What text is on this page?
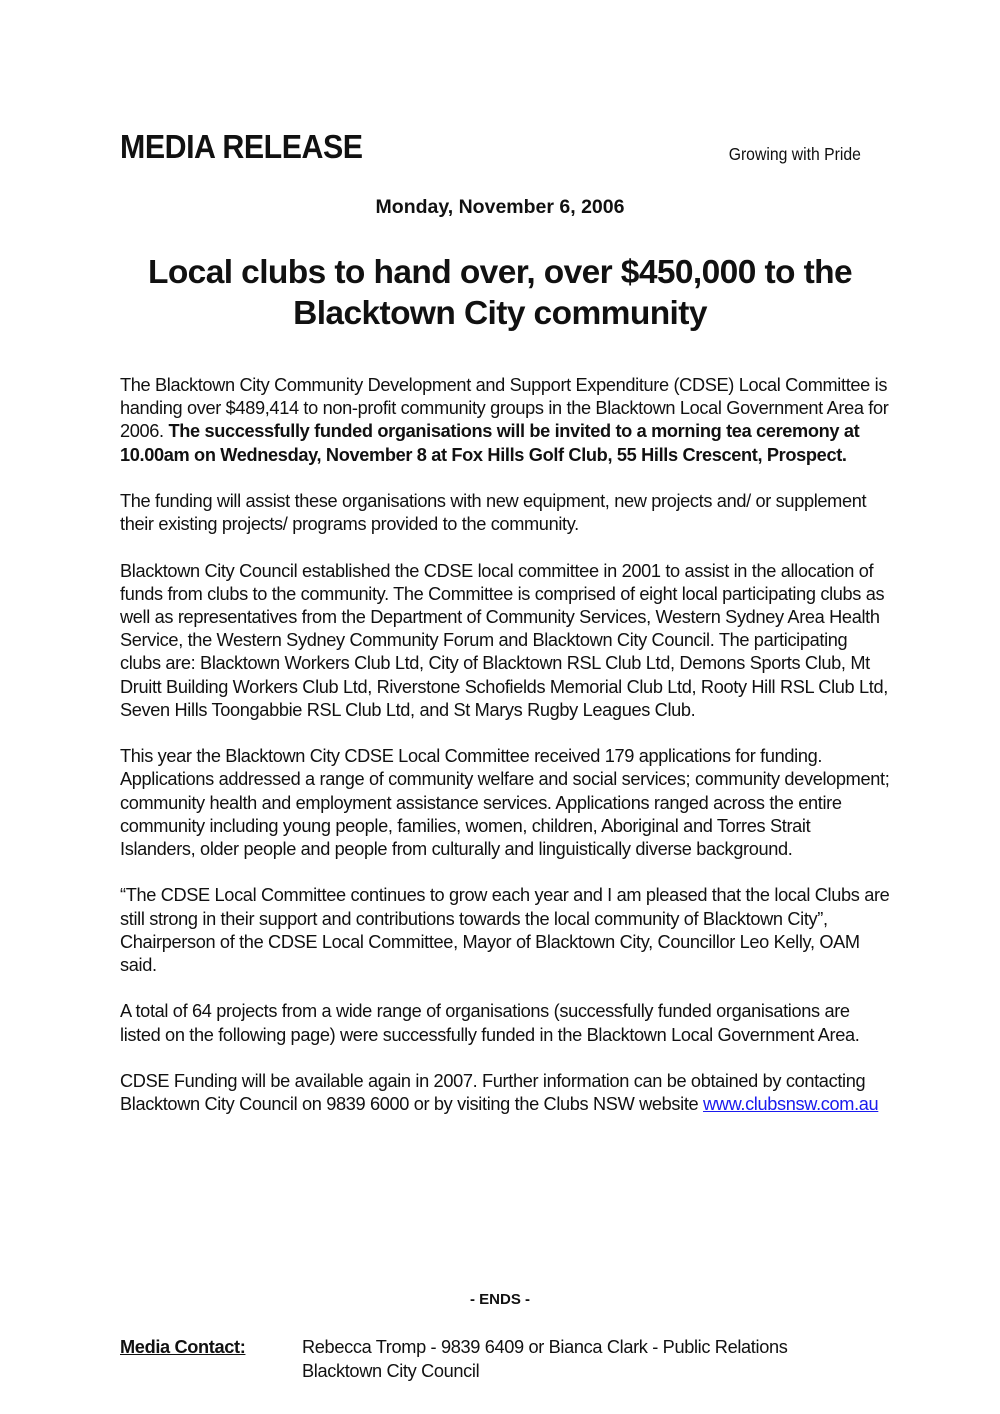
MEDIA RELEASE	Growing with Pride
Monday, November 6, 2006
Local clubs to hand over, over $450,000 to the Blacktown City community

The Blacktown City Community Development and Support Expenditure (CDSE) Local Committee is handing over $489,414 to non-profit community groups in the Blacktown Local Government Area for 2006. The successfully funded organisations will be invited to a morning tea ceremony at 10.00am on Wednesday, November 8 at Fox Hills Golf Club, 55 Hills Crescent, Prospect.

The funding will assist these organisations with new equipment, new projects and/ or supplement their existing projects/ programs provided to the community.

Blacktown City Council established the CDSE local committee in 2001 to assist in the allocation of funds from clubs to the community. The Committee is comprised of eight local participating clubs as well as representatives from the Department of Community Services, Western Sydney Area Health Service, the Western Sydney Community Forum and Blacktown City Council. The participating clubs are: Blacktown Workers Club Ltd, City of Blacktown RSL Club Ltd, Demons Sports Club, Mt Druitt Building Workers Club Ltd, Riverstone Schofields Memorial Club Ltd, Rooty Hill RSL Club Ltd, Seven Hills Toongabbie RSL Club Ltd, and St Marys Rugby Leagues Club.

This year the Blacktown City CDSE Local Committee received 179 applications for funding. Applications addressed a range of community welfare and social services; community development; community health and employment assistance services. Applications ranged across the entire community including young people, families, women, children, Aboriginal and Torres Strait Islanders, older people and people from culturally and linguistically diverse background.

“The CDSE Local Committee continues to grow each year and I am pleased that the local Clubs are still strong in their support and contributions towards the local community of Blacktown City”, Chairperson of the CDSE Local Committee, Mayor of Blacktown City, Councillor Leo Kelly, OAM said.

A total of 64 projects from a wide range of organisations (successfully funded organisations are listed on the following page) were successfully funded in the Blacktown Local Government Area.

CDSE Funding will be available again in 2007. Further information can be obtained by contacting Blacktown City Council on 9839 6000 or by visiting the Clubs NSW website www.clubsnsw.com.au

- ENDS -
Media Contact:	Rebecca Tromp - 9839 6409 or Bianca Clark - Public Relations
Blacktown City Council
